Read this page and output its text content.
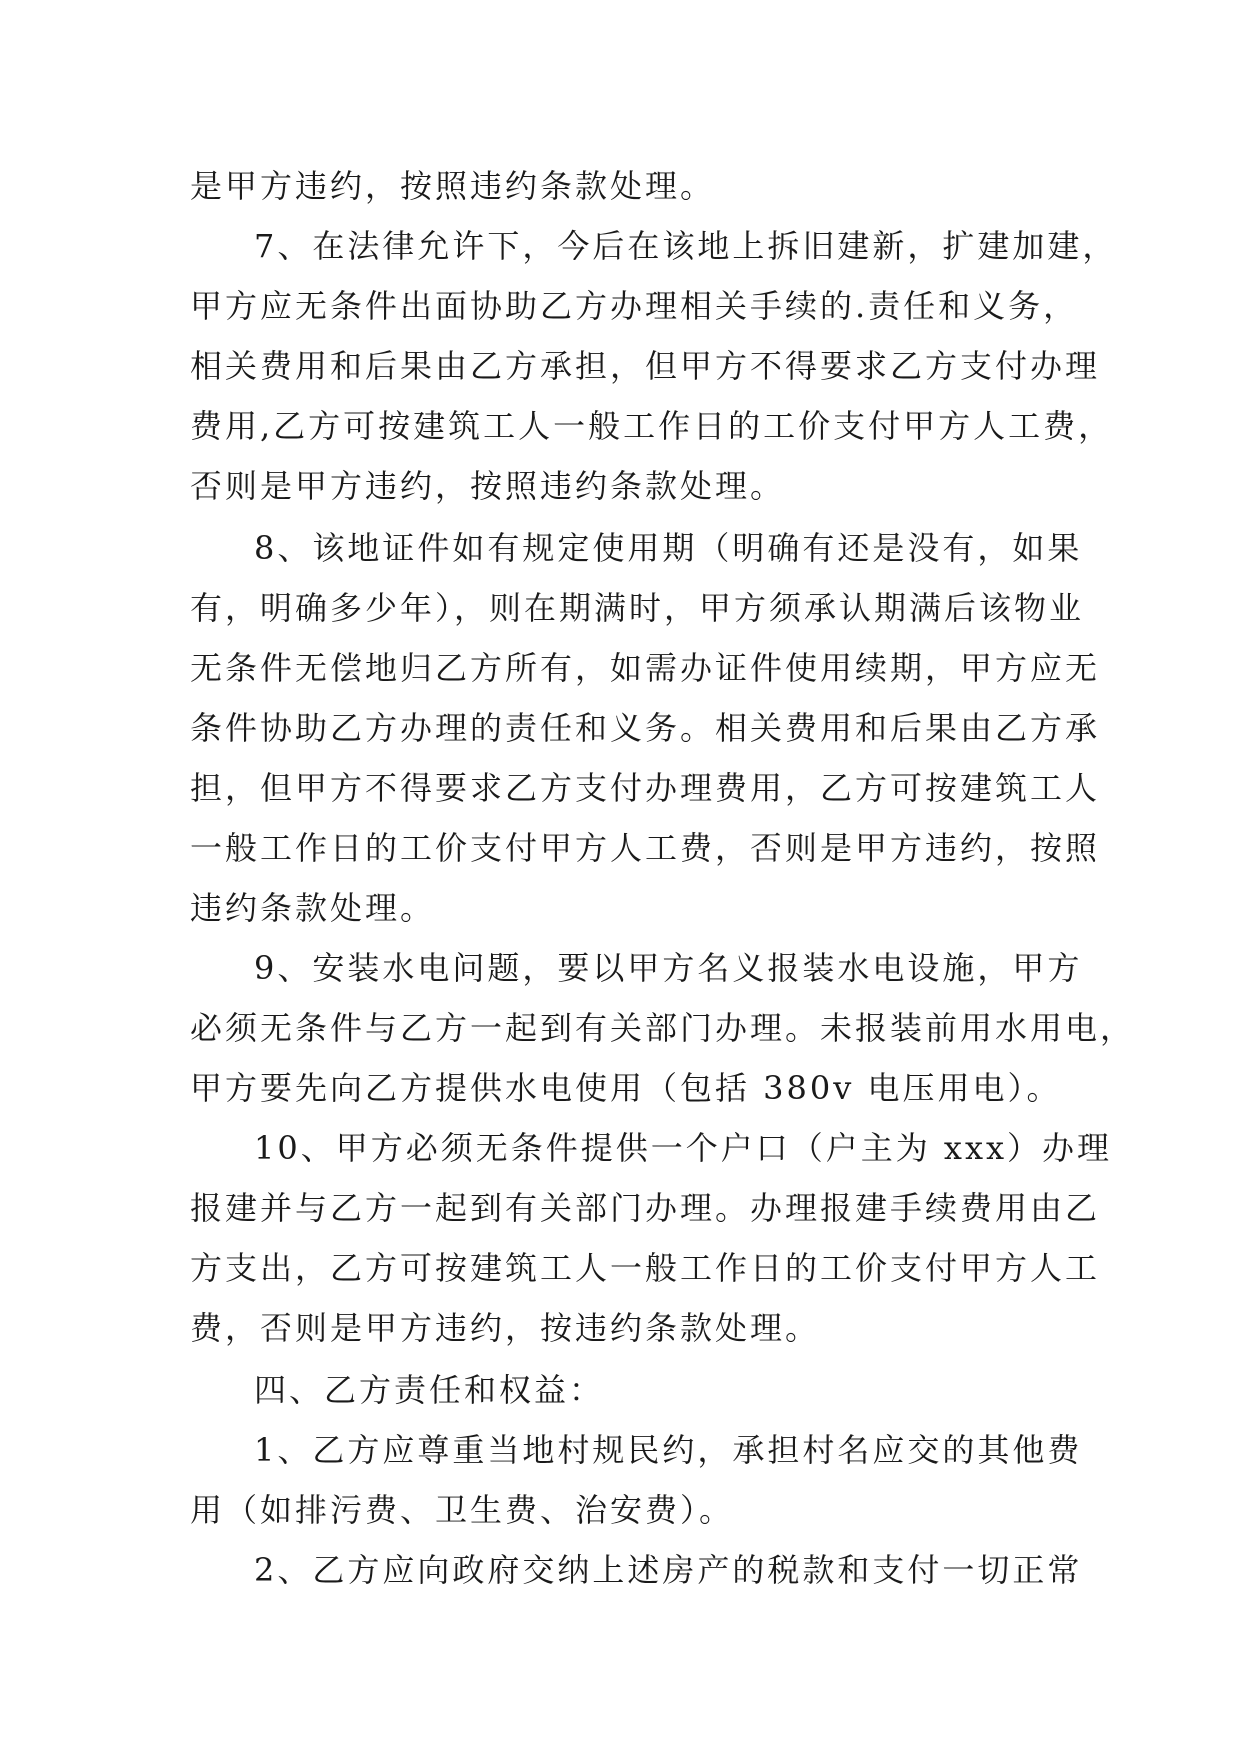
是甲方违约，按照违约条款处理。
7、在法律允许下，今后在该地上拆旧建新，扩建加建，
甲方应无条件出面协助乙方办理相关手续的.责任和义务，
相关费用和后果由乙方承担，但甲方不得要求乙方支付办理
费用,乙方可按建筑工人一般工作日的工价支付甲方人工费，
否则是甲方违约，按照违约条款处理。
8、该地证件如有规定使用期（明确有还是没有，如果
有，明确多少年），则在期满时，甲方须承认期满后该物业
无条件无偿地归乙方所有，如需办证件使用续期，甲方应无
条件协助乙方办理的责任和义务。相关费用和后果由乙方承
担，但甲方不得要求乙方支付办理费用，乙方可按建筑工人
一般工作日的工价支付甲方人工费，否则是甲方违约，按照
违约条款处理。
9、安装水电问题，要以甲方名义报装水电设施，甲方
必须无条件与乙方一起到有关部门办理。未报装前用水用电，
甲方要先向乙方提供水电使用（包括 380v 电压用电）。
10、甲方必须无条件提供一个户口（户主为 xxx）办理
报建并与乙方一起到有关部门办理。办理报建手续费用由乙
方支出，乙方可按建筑工人一般工作日的工价支付甲方人工
费，否则是甲方违约，按违约条款处理。
四、乙方责任和权益：
1、乙方应尊重当地村规民约，承担村名应交的其他费
用（如排污费、卫生费、治安费）。
2、乙方应向政府交纳上述房产的税款和支付一切正常
